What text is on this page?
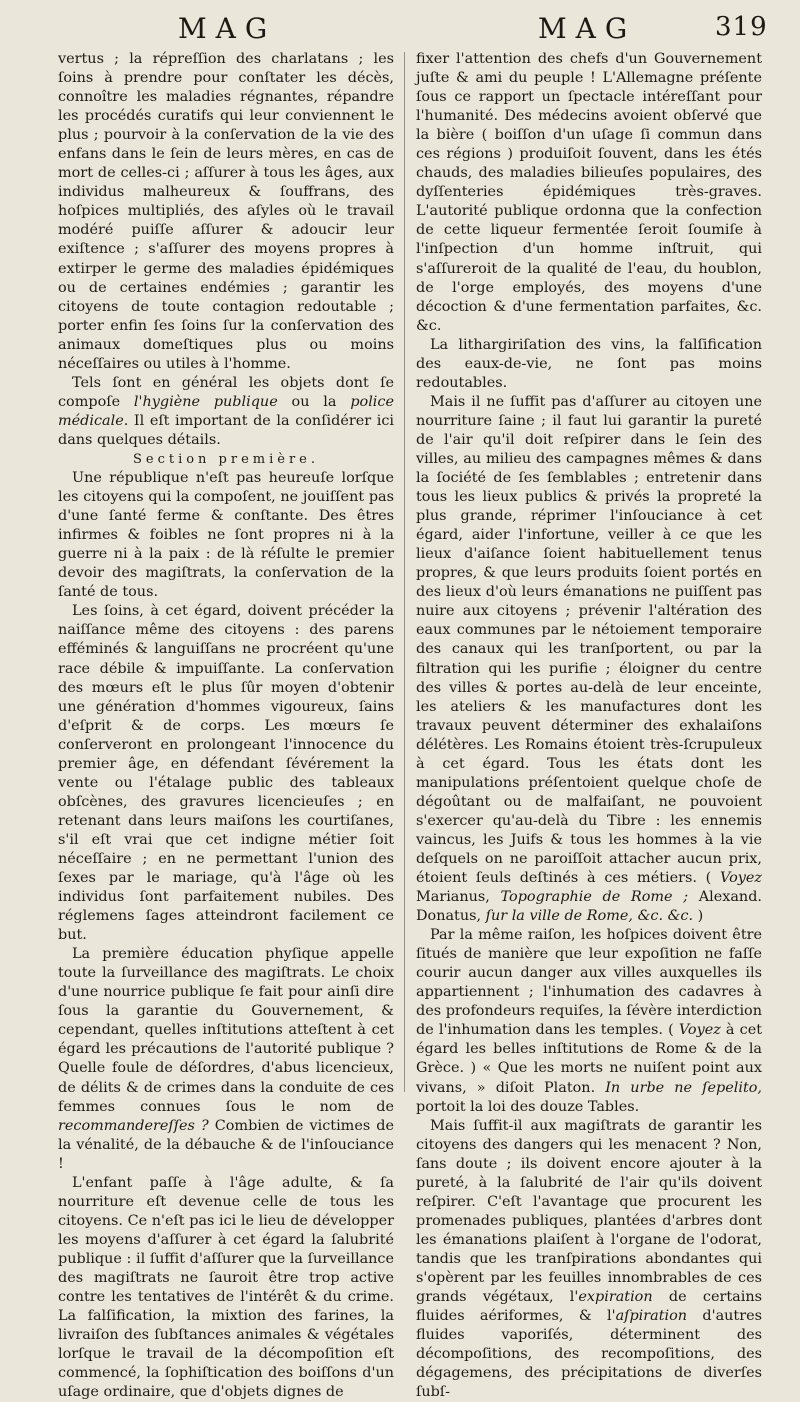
MAG	MAG	319

vertus ; la répreſſion des charlatans ; les ſoins à prendre pour conſtater les décès, connoître les maladies régnantes, répandre les procédés curatifs qui leur conviennent le plus ; pourvoir à la conſervation de la vie des enfans dans le ſein de leurs mères, en cas de mort de celles-ci ; aſſurer à tous les âges, aux individus malheureux & ſouffrans, des hoſpices multipliés, des aſyles où le travail modéré puiſſe aſſurer & adoucir leur exiſtence ; s'aſſurer des moyens propres à extirper le germe des maladies épidémiques ou de certaines endémies ; garantir les citoyens de toute contagion redoutable ; porter enfin ſes ſoins ſur la conſervation des animaux domeſtiques plus ou moins néceſſaires ou utiles à l'homme.

Tels ſont en général les objets dont ſe compoſe l'hygiène publique ou la police médicale. Il eſt important de la conſidérer ici dans quelques détails.

Section première.

Une république n'eſt pas heureuſe lorſque les citoyens qui la compoſent, ne jouiſſent pas d'une ſanté ferme & conſtante. Des êtres infirmes & foibles ne ſont propres ni à la guerre ni à la paix : de là réſulte le premier devoir des magiſtrats, la conſervation de la ſanté de tous.

Les ſoins, à cet égard, doivent précéder la naiſſance même des citoyens : des parens efféminés & languiſſans ne procréent qu'une race débile & impuiſſante. La conſervation des mœurs eſt le plus ſûr moyen d'obtenir une génération d'hommes vigoureux, ſains d'eſprit & de corps. Les mœurs ſe conſerveront en prolongeant l'innocence du premier âge, en défendant ſévérement la vente ou l'étalage public des tableaux obſcènes, des gravures licencieuſes ; en retenant dans leurs maiſons les courtiſanes, s'il eſt vrai que cet indigne métier ſoit néceſſaire ; en ne permettant l'union des ſexes par le mariage, qu'à l'âge où les individus ſont parfaitement nubiles. Des réglemens ſages atteindront facilement ce but.

La première éducation phyſique appelle toute la ſurveillance des magiſtrats. Le choix d'une nourrice publique ſe fait pour ainſi dire ſous la garantie du Gouvernement, & cependant, quelles inſtitutions atteſtent à cet égard les précautions de l'autorité publique ? Quelle foule de déſordres, d'abus licencieux, de délits & de crimes dans la conduite de ces femmes connues ſous le nom de recommandereſſes ? Combien de victimes de la vénalité, de la débauche & de l'inſouciance !

L'enfant paſſe à l'âge adulte, & ſa nourriture eſt devenue celle de tous les citoyens. Ce n'eſt pas ici le lieu de développer les moyens d'aſſurer à cet égard la ſalubrité publique : il ſuffit d'aſſurer que la ſurveillance des magiſtrats ne ſauroit être trop active contre les tentatives de l'intérêt & du crime. La falſification, la mixtion des farines, la livraiſon des ſubſtances animales & végétales lorſque le travail de la décompoſition eſt commencé, la ſophiſtication des boiſſons d'un uſage ordinaire, que d'objets dignes de

fixer l'attention des chefs d'un Gouvernement juſte & ami du peuple ! L'Allemagne préſente ſous ce rapport un ſpectacle intéreſſant pour l'humanité. Des médecins avoient obſervé que la bière ( boiſſon d'un uſage ſi commun dans ces régions ) produiſoit ſouvent, dans les étés chauds, des maladies bilieuſes populaires, des dyſſenteries épidémiques très-graves. L'autorité publique ordonna que la confection de cette liqueur fermentée ſeroit ſoumiſe à l'inſpection d'un homme inſtruit, qui s'aſſureroit de la qualité de l'eau, du houblon, de l'orge employés, des moyens d'une décoction & d'une fermentation parfaites, &c. &c.

La lithargiriſation des vins, la falſification des eaux-de-vie, ne ſont pas moins redoutables.

Mais il ne ſuffit pas d'aſſurer au citoyen une nourriture ſaine ; il faut lui garantir la pureté de l'air qu'il doit reſpirer dans le ſein des villes, au milieu des campagnes mêmes & dans la ſociété de ſes ſemblables ; entretenir dans tous les lieux publics & privés la propreté la plus grande, réprimer l'inſouciance à cet égard, aider l'infortune, veiller à ce que les lieux d'aiſance ſoient habituellement tenus propres, & que leurs produits ſoient portés en des lieux d'où leurs émanations ne puiſſent pas nuire aux citoyens ; prévenir l'altération des eaux communes par le nétoiement temporaire des canaux qui les tranſportent, ou par la filtration qui les purifie ; éloigner du centre des villes & portes au-delà de leur enceinte, les ateliers & les manufactures dont les travaux peuvent déterminer des exhalaiſons délétères. Les Romains étoient très-ſcrupuleux à cet égard. Tous les états dont les manipulations préſentoient quelque choſe de dégoûtant ou de malfaiſant, ne pouvoient s'exercer qu'au-delà du Tibre : les ennemis vaincus, les Juifs & tous les hommes à la vie deſquels on ne paroiſſoit attacher aucun prix, étoient ſeuls deſtinés à ces métiers. ( Voyez Marianus, Topographie de Rome ; Alexand. Donatus, ſur la ville de Rome, &c. &c. )

Par la même raiſon, les hoſpices doivent être ſitués de manière que leur expoſition ne faſſe courir aucun danger aux villes auxquelles ils appartiennent ; l'inhumation des cadavres à des profondeurs requiſes, la ſévère interdiction de l'inhumation dans les temples. ( Voyez à cet égard les belles inſtitutions de Rome & de la Grèce. ) « Que les morts ne nuiſent point aux vivans, » diſoit Platon. In urbe ne ſepelito, portoit la loi des douze Tables.

Mais ſuffit-il aux magiſtrats de garantir les citoyens des dangers qui les menacent ? Non, ſans doute ; ils doivent encore ajouter à la pureté, à la ſalubrité de l'air qu'ils doivent reſpirer. C'eſt l'avantage que procurent les promenades publiques, plantées d'arbres dont les émanations plaiſent à l'organe de l'odorat, tandis que les tranſpirations abondantes qui s'opèrent par les feuilles innombrables de ces grands végétaux, l'expiration de certains fluides aériformes, & l'aſpiration d'autres fluides vaporiſés, déterminent des décompoſitions, des recompoſitions, des dégagemens, des précipitations de diverſes ſubſ-
